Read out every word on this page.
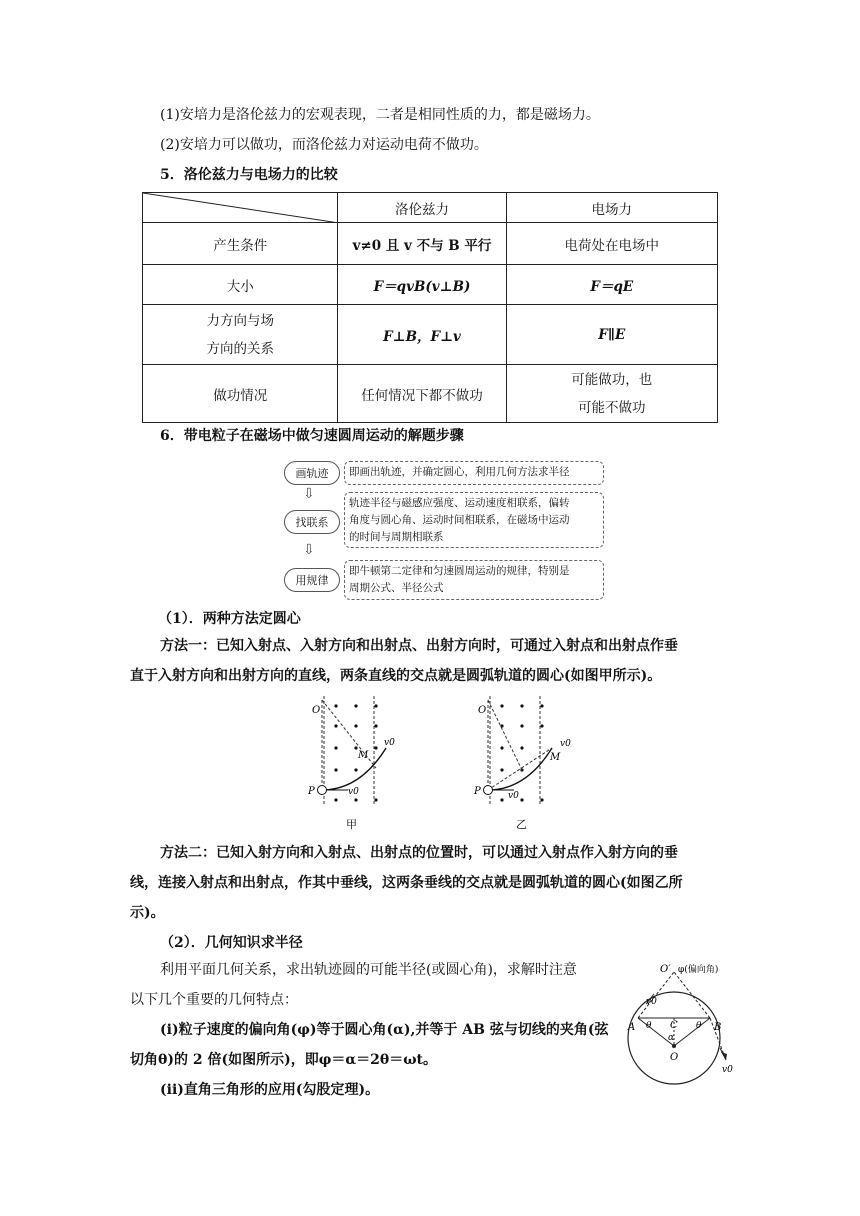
(1)安培力是洛伦兹力的宏观表现，二者是相同性质的力，都是磁场力。
(2)安培力可以做功，而洛伦兹力对运动电荷不做功。
5．洛伦兹力与电场力的比较
	洛伦兹力	电场力
产生条件	v≠0 且 v 不与 B 平行	电荷处在电场中
大小	F＝qvB(v⊥B)	F＝qE

力方向与场
方向的关系	F⊥B，F⊥v	F∥E
做功情况	任何情况下都不做功	可能做功，也
可能不做功
6．带电粒子在磁场中做匀速圆周运动的解题步骤
画轨迹	即画出轨迹，并确定圆心，利用几何方法求半径
⇩
找联系
轨迹半径与磁感应强度、运动速度相联系，偏转
角度与圆心角、运动时间相联系，在磁场中运动
的时间与周期相联系
⇩
用规律
即牛顿第二定律和匀速圆周运动的规律，特别是
周期公式、半径公式
（1）．两种方法定圆心
方法一：已知入射点、入射方向和出射点、出射方向时，可通过入射点和出射点作垂
直于入射方向和出射方向的直线，两条直线的交点就是圆弧轨道的圆心(如图甲所示)。
O
P
M
v0
v0
甲
O
P
M
v0
v0
乙
方法二：已知入射方向和入射点、出射点的位置时，可以通过入射点作入射方向的垂
线，连接入射点和出射点，作其中垂线，这两条垂线的交点就是圆弧轨道的圆心(如图乙所
示)。
（2）．几何知识求半径
利用平面几何关系，求出轨迹圆的可能半径(或圆心角)，求解时注意
以下几个重要的几何特点：
(i)粒子速度的偏向角(φ)等于圆心角(α),并等于 AB 弦与切线的夹角(弦
切角θ)的 2 倍(如图所示)，即φ＝α＝2θ＝ωt。
(ii)直角三角形的应用(勾股定理)。
O′ φ(偏向角)
v0
A	B
C
O
θ	θ
α
v0
